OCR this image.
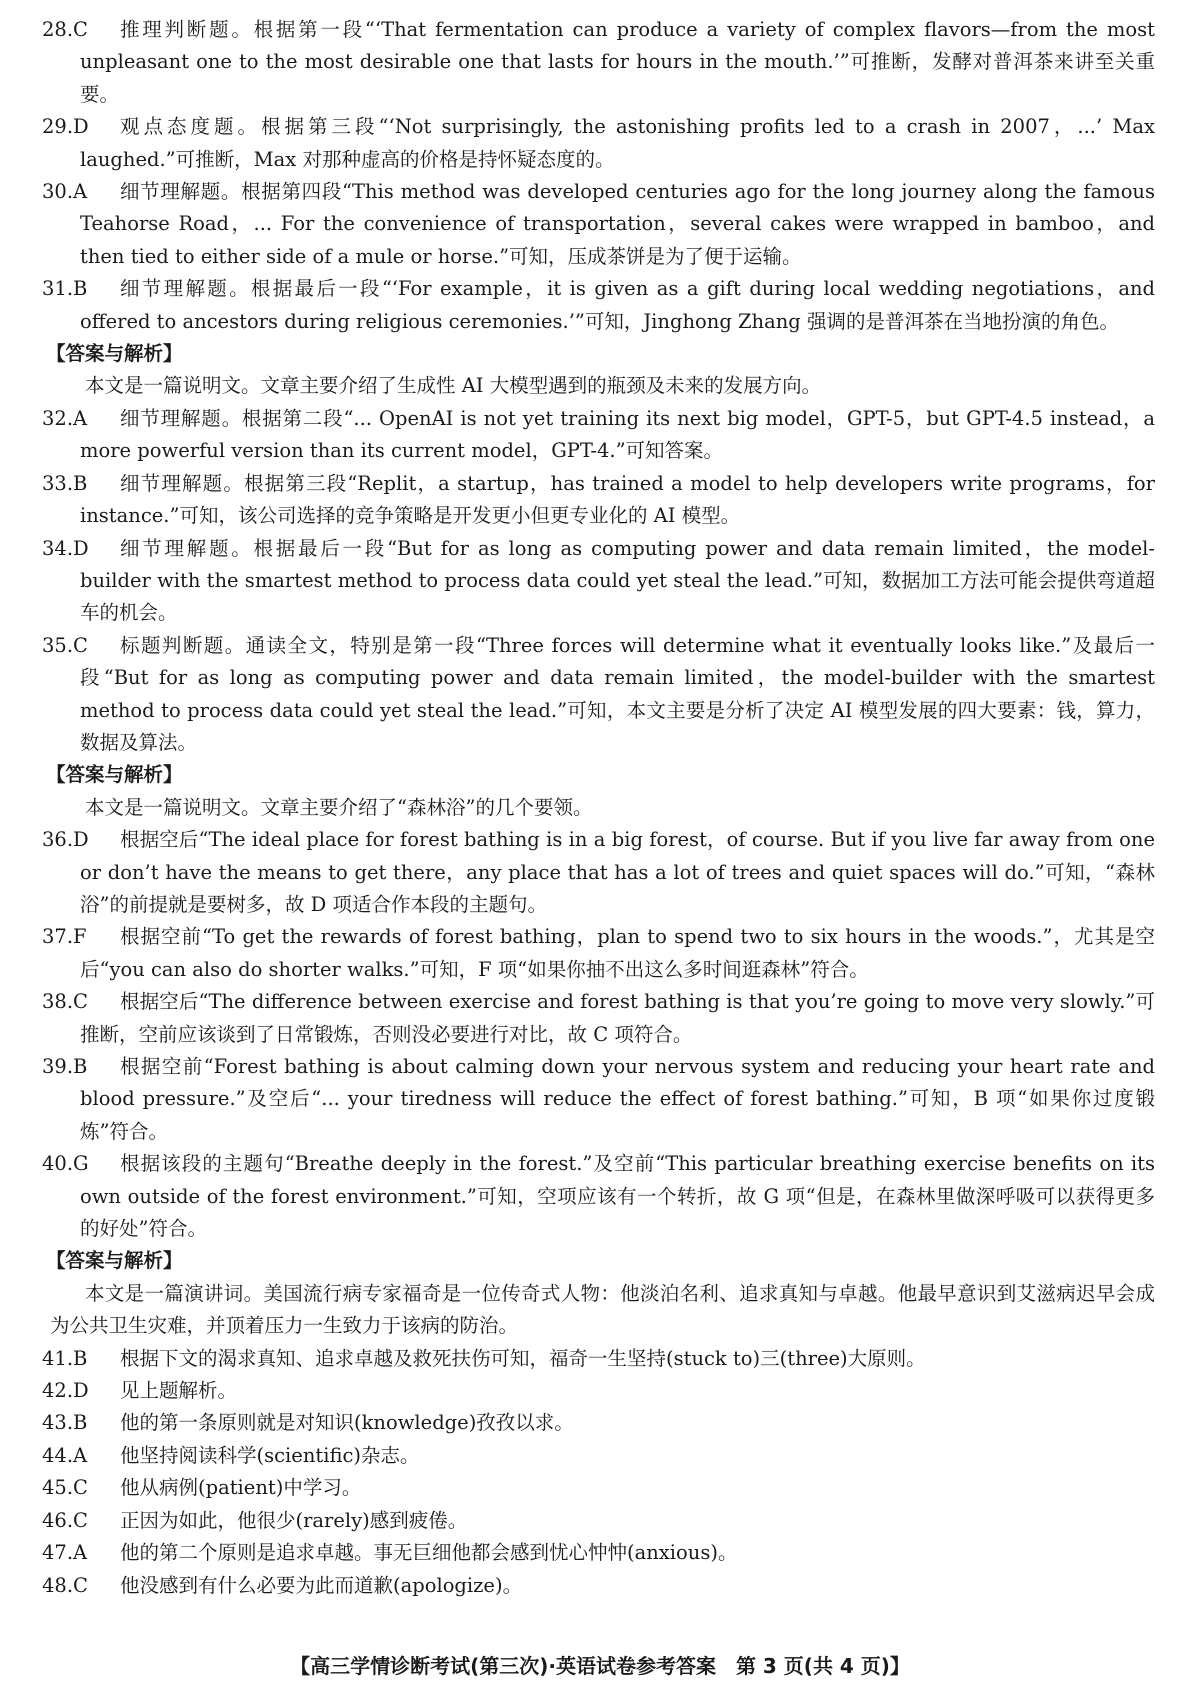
28. C	推理判断题。根据第一段“‘That fermentation can produce a variety of complex flavors—from the most unpleasant one to the most desirable one that lasts for hours in the mouth.’”可推断，发酵对普洱茶来讲至关重要。
29. D	观点态度题。根据第三段“‘Not surprisingly, the astonishing profits led to a crash in 2007，...’ Max laughed.”可推断，Max 对那种虚高的价格是持怀疑态度的。
30. A	细节理解题。根据第四段“This method was developed centuries ago for the long journey along the famous Teahorse Road，... For the convenience of transportation，several cakes were wrapped in bamboo，and then tied to either side of a mule or horse.”可知，压成茶饼是为了便于运输。
31. B	细节理解题。根据最后一段“‘For example，it is given as a gift during local wedding negotiations，and offered to ancestors during religious ceremonies.’”可知，Jinghong Zhang 强调的是普洱茶在当地扮演的角色。
【答案与解析】
本文是一篇说明文。文章主要介绍了生成性 AI 大模型遇到的瓶颈及未来的发展方向。
32. A	细节理解题。根据第二段“... OpenAI is not yet training its next big model，GPT-5，but GPT-4.5 instead，a more powerful version than its current model，GPT-4.”可知答案。
33. B	细节理解题。根据第三段“Replit，a startup，has trained a model to help developers write programs，for instance.”可知，该公司选择的竞争策略是开发更小但更专业化的 AI 模型。
34. D	细节理解题。根据最后一段“But for as long as computing power and data remain limited，the model-builder with the smartest method to process data could yet steal the lead.”可知，数据加工方法可能会提供弯道超车的机会。
35. C	标题判断题。通读全文，特别是第一段“Three forces will determine what it eventually looks like.”及最后一段“But for as long as computing power and data remain limited，the model-builder with the smartest method to process data could yet steal the lead.”可知，本文主要是分析了决定 AI 模型发展的四大要素：钱，算力，数据及算法。
【答案与解析】
本文是一篇说明文。文章主要介绍了“森林浴”的几个要领。
36. D	根据空后“The ideal place for forest bathing is in a big forest，of course. But if you live far away from one or don’t have the means to get there，any place that has a lot of trees and quiet spaces will do.”可知，“森林浴”的前提就是要树多，故 D 项适合作本段的主题句。
37. F	根据空前“To get the rewards of forest bathing，plan to spend two to six hours in the woods.”，尤其是空后“you can also do shorter walks.”可知，F 项“如果你抽不出这么多时间逛森林”符合。
38. C	根据空后“The difference between exercise and forest bathing is that you’re going to move very slowly.”可推断，空前应该谈到了日常锻炼，否则没必要进行对比，故 C 项符合。
39. B	根据空前“Forest bathing is about calming down your nervous system and reducing your heart rate and blood pressure.”及空后“... your tiredness will reduce the effect of forest bathing.”可知，B 项“如果你过度锻炼”符合。
40. G	根据该段的主题句“Breathe deeply in the forest.”及空前“This particular breathing exercise benefits on its own outside of the forest environment.”可知，空项应该有一个转折，故 G 项“但是，在森林里做深呼吸可以获得更多的好处”符合。
【答案与解析】
本文是一篇演讲词。美国流行病专家福奇是一位传奇式人物：他淡泊名利、追求真知与卓越。他最早意识到艾滋病迟早会成为公共卫生灾难，并顶着压力一生致力于该病的防治。
41. B	根据下文的渴求真知、追求卓越及救死扶伤可知，福奇一生坚持(stuck to)三(three)大原则。
42. D	见上题解析。
43. B	他的第一条原则就是对知识(knowledge)孜孜以求。
44. A	他坚持阅读科学(scientific)杂志。
45. C	他从病例(patient)中学习。
46. C	正因为如此，他很少(rarely)感到疲倦。
47. A	他的第二个原则是追求卓越。事无巨细他都会感到忧心忡忡(anxious)。
48. C	他没感到有什么必要为此而道歉(apologize)。
【高三学情诊断考试(第三次)·英语试卷参考答案　第 3 页(共 4 页)】
